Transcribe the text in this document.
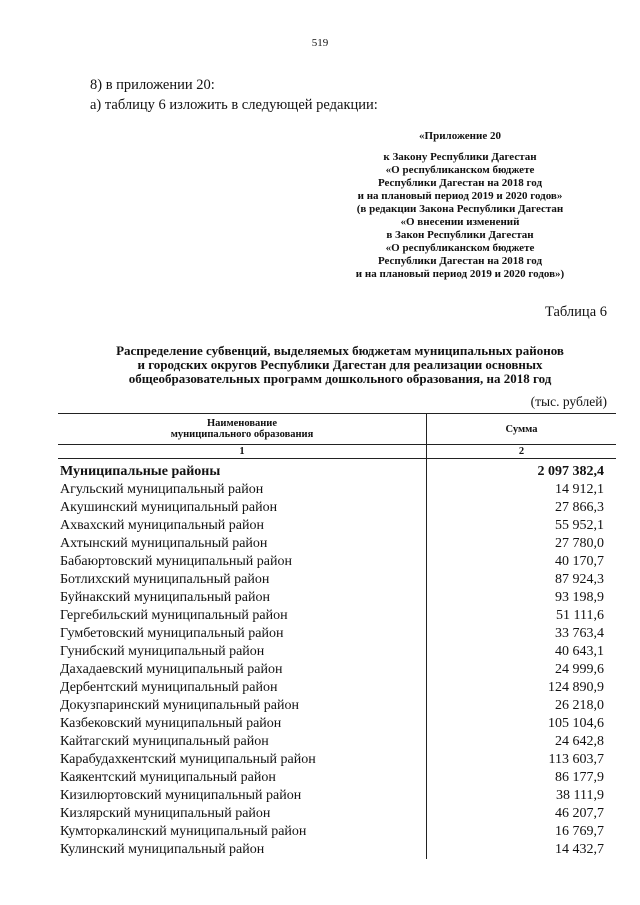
519
8) в приложении 20:
а) таблицу 6 изложить в следующей редакции:
«Приложение 20
к Закону Республики Дагестан
«О республиканском бюджете
Республики Дагестан на 2018 год
и на плановый период 2019 и 2020 годов»
(в редакции Закона Республики Дагестан
«О внесении изменений
в Закон Республики Дагестан
«О республиканском бюджете
Республики Дагестан на 2018 год
и на плановый период 2019 и 2020 годов»)
Таблица 6
Распределение субвенций, выделяемых бюджетам муниципальных районов
и городских округов Республики Дагестан для реализации основных
общеобразовательных программ дошкольного образования, на 2018 год
(тыс. рублей)
Наименование
муниципального образования	Сумма
1	2
Муниципальные районы	2 097 382,4
Агульский муниципальный район	14 912,1
Акушинский муниципальный район	27 866,3
Ахвахский муниципальный район	55 952,1
Ахтынский муниципальный район	27 780,0
Бабаюртовский муниципальный район	40 170,7
Ботлихский муниципальный район	87 924,3
Буйнакский муниципальный район	93 198,9
Гергебильский муниципальный район	51 111,6
Гумбетовский муниципальный район	33 763,4
Гунибский муниципальный район	40 643,1
Дахадаевский муниципальный район	24 999,6
Дербентский муниципальный район	124 890,9
Докузпаринский муниципальный район	26 218,0
Казбековский муниципальный район	105 104,6
Кайтагский муниципальный район	24 642,8
Карабудахкентский муниципальный район	113 603,7
Каякентский муниципальный район	86 177,9
Кизилюртовский муниципальный район	38 111,9
Кизлярский муниципальный район	46 207,7
Кумторкалинский муниципальный район	16 769,7
Кулинский муниципальный район	14 432,7
